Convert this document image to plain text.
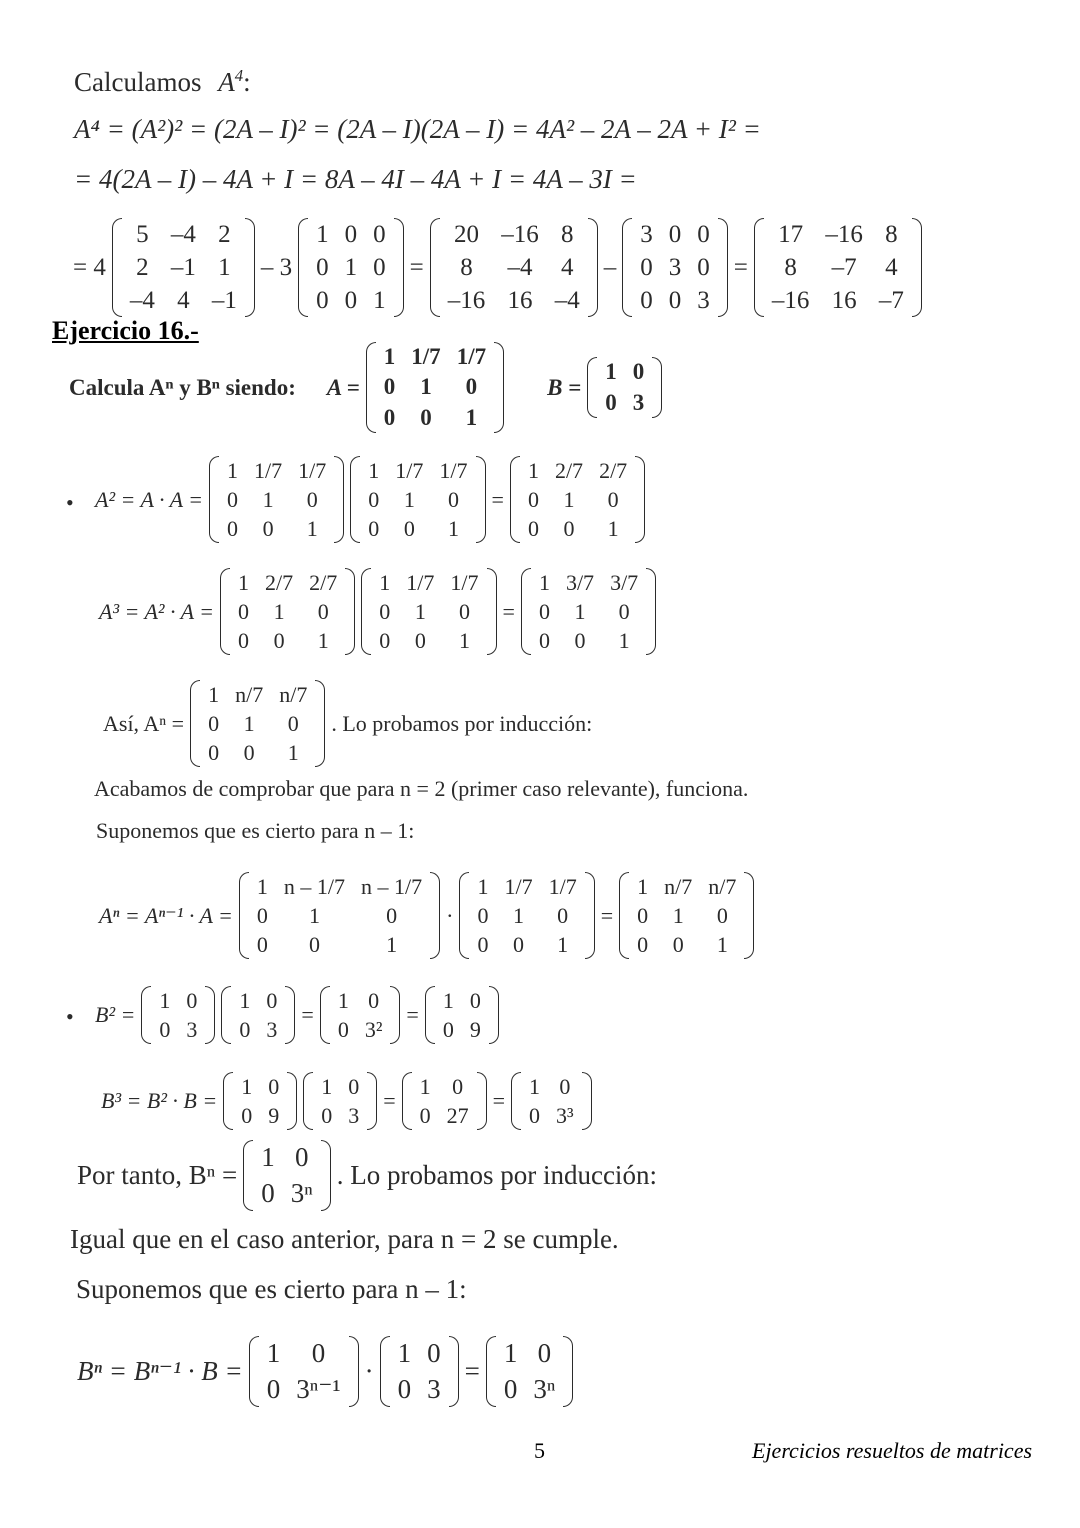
Calculamos $A^4$:
A⁴ = (A²)² = (2A – I)² = (2A – I)(2A – I) = 4A² – 2A – 2A + I² =
= 4(2A – I) – 4A + I = 8A – 4I – 4A + I = 4A – 3I =
= 4
5	–4	2
2	–1	1
–4	4	–1
– 3
1	0	0
0	1	0
0	0	1
=
20	–16	8
8	–4	4
–16	16	–4
–
3	0	0
0	3	0
0	0	3
=
17	–16	8
8	–7	4
–16	16	–7
Ejercicio 16.-
Calcula Aⁿ y Bⁿ siendo: A =
1	1/7	1/7
0	1	0
0	0	1
B =
1	0
0	3
• A² = A · A =
1	1/7	1/7
0	1	0
0	0	1
1	1/7	1/7
0	1	0
0	0	1
=
1	2/7	2/7
0	1	0
0	0	1
A³ = A² · A =
1	2/7	2/7
0	1	0
0	0	1
1	1/7	1/7
0	1	0
0	0	1
=
1	3/7	3/7
0	1	0
0	0	1
Así, Aⁿ =
1	n/7	n/7
0	1	0
0	0	1
. Lo probamos por inducción:
Acabamos de comprobar que para n = 2 (primer caso relevante), funciona.
Suponemos que es cierto para n – 1:
Aⁿ = Aⁿ⁻¹ · A =
1	n – 1/7	n – 1/7
0	1	0
0	0	1
·
1	1/7	1/7
0	1	0
0	0	1
=
1	n/7	n/7
0	1	0
0	0	1
• B² =
1	0
0	3
1	0
0	3
=
1	0
0	3²
=
1	0
0	9
B³ = B² · B =
1	0
0	9
1	0
0	3
=
1	0
0	27
=
1	0
0	3³
Por tanto, Bⁿ =
1	0
0	3ⁿ
. Lo probamos por inducción:
Igual que en el caso anterior, para n = 2 se cumple.
Suponemos que es cierto para n – 1:
Bⁿ = Bⁿ⁻¹ · B =
1	0
0	3ⁿ⁻¹
·
1	0
0	3
=
1	0
0	3ⁿ
5	Ejercicios resueltos de matrices
